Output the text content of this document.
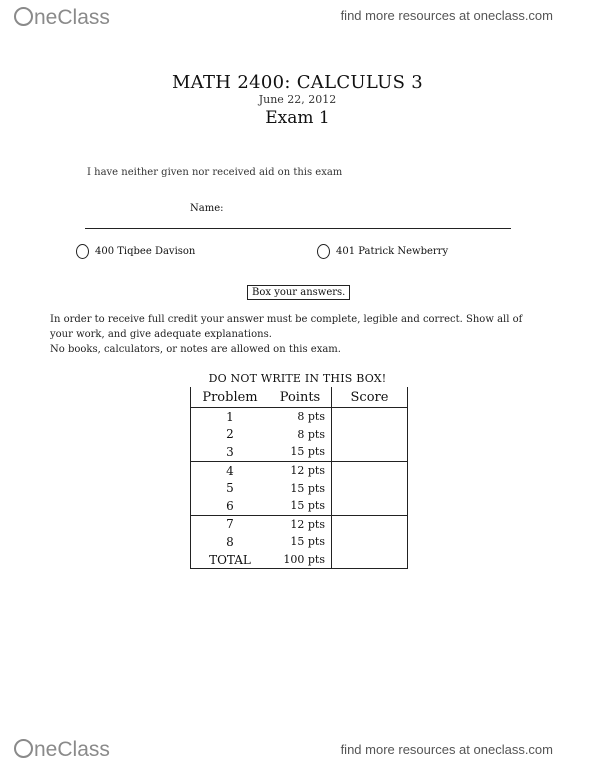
neClass	find more resources at oneclass.com
MATH 2400: CALCULUS 3
June 22, 2012
Exam 1
I have neither given nor received aid on this exam
Name:
400 Tiqbee Davison	401 Patrick Newberry
Box your answers.

In order to receive full credit your answer must be complete, legible and correct. Show all of

your work, and give adequate explanations.

No books, calculators, or notes are allowed on this exam.

DO NOT WRITE IN THIS BOX!
Problem	Points	Score
1	8 pts	
2	8 pts	
3	15 pts	
4	12 pts	
5	15 pts	
6	15 pts	
7	12 pts	
8	15 pts	
TOTAL	100 pts	
neClass	find more resources at oneclass.com
